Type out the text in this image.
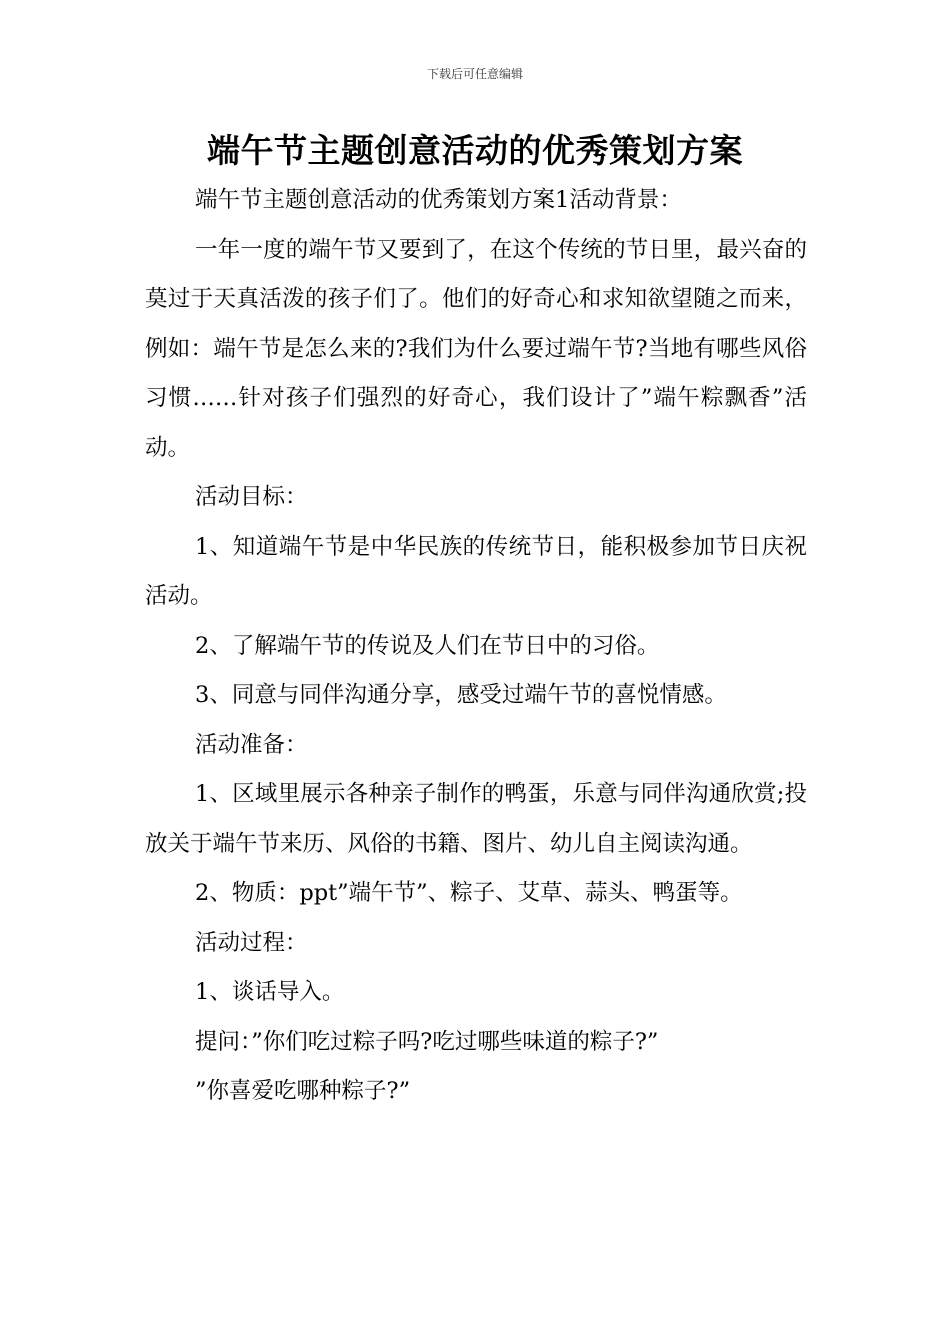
下载后可任意编辑
端午节主题创意活动的优秀策划方案

端午节主题创意活动的优秀策划方案1活动背景：

一年一度的端午节又要到了，在这个传统的节日里，最兴奋的莫过于天真活泼的孩子们了。他们的好奇心和求知欲望随之而来，例如：端午节是怎么来的?我们为什么要过端午节?当地有哪些风俗习惯……针对孩子们强烈的好奇心，我们设计了”端午粽飘香”活动。

活动目标：

1、知道端午节是中华民族的传统节日，能积极参加节日庆祝活动。

2、了解端午节的传说及人们在节日中的习俗。

3、同意与同伴沟通分享，感受过端午节的喜悦情感。

活动准备：

1、区域里展示各种亲子制作的鸭蛋，乐意与同伴沟通欣赏;投放关于端午节来历、风俗的书籍、图片、幼儿自主阅读沟通。

2、物质：ppt”端午节”、粽子、艾草、蒜头、鸭蛋等。

活动过程：

1、谈话导入。

提问：”你们吃过粽子吗?吃过哪些味道的粽子?”

”你喜爱吃哪种粽子?”
